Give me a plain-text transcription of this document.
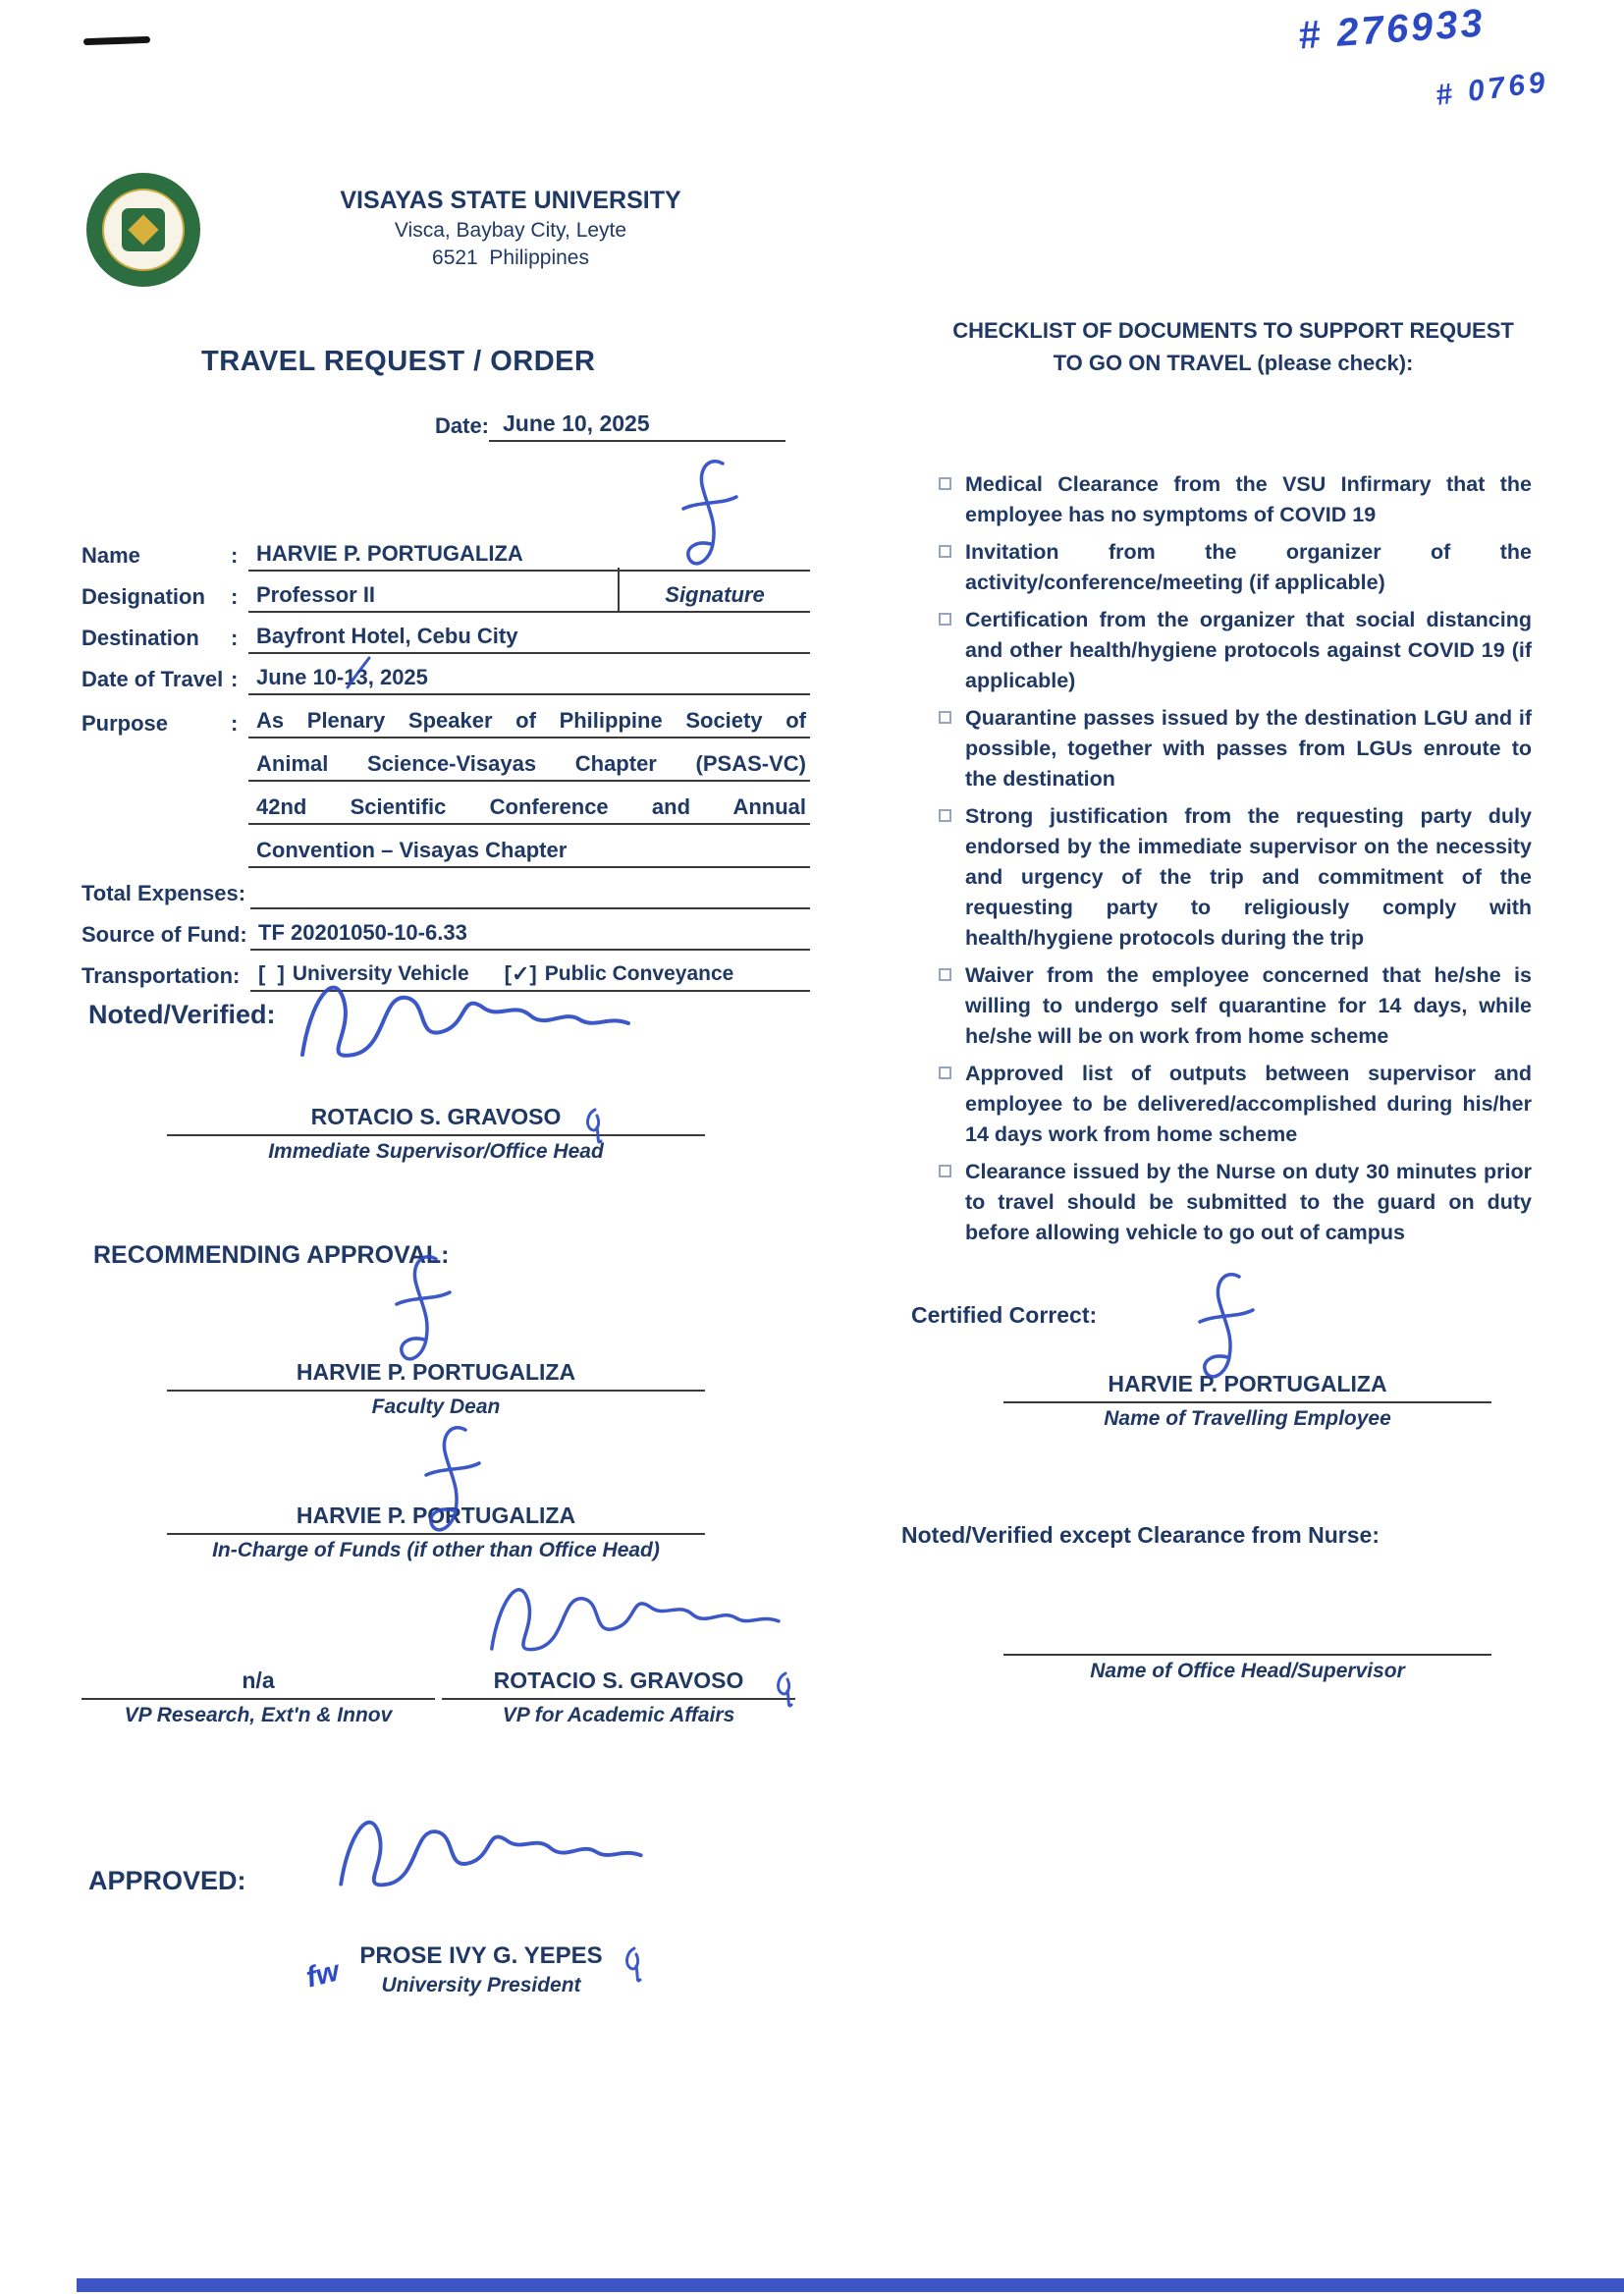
# 276933
# 0769
VISAYAS STATE UNIVERSITY
Visca, Baybay City, Leyte
6521  Philippines
TRAVEL REQUEST / ORDER
Date: June 10, 2025
Name	: HARVIE P. PORTUGALIZA
Designation	: Professor II	Signature
Destination	: Bayfront Hotel, Cebu City
Date of Travel : June 10-13, 2025
Purpose	: As Plenary Speaker of Philippine Society of
Animal Science-Visayas Chapter (PSAS-VC)
42nd Scientific Conference and Annual
Convention – Visayas Chapter
Total Expenses:
Source of Fund: TF 20201050-10-6.33
Transportation: [  ] University Vehicle [✓] Public Conveyance
Noted/Verified:
ROTACIO S. GRAVOSO
Immediate Supervisor/Office Head
RECOMMENDING APPROVAL:
HARVIE P. PORTUGALIZA
Faculty Dean
HARVIE P. PORTUGALIZA
In-Charge of Funds (if other than Office Head)
n/a
VP Research, Ext'n & Innov
ROTACIO S. GRAVOSO
VP for Academic Affairs
APPROVED:
PROSE IVY G. YEPES
University President
fw
CHECKLIST OF DOCUMENTS TO SUPPORT REQUEST
TO GO ON TRAVEL (please check):
Medical Clearance from the VSU Infirmary that the employee has no symptoms of COVID 19
Invitation from the organizer of the activity/conference/meeting (if applicable)
Certification from the organizer that social distancing and other health/hygiene protocols against COVID 19 (if applicable)
Quarantine passes issued by the destination LGU and if possible, together with passes from LGUs enroute to the destination
Strong justification from the requesting party duly endorsed by the immediate supervisor on the necessity and urgency of the trip and commitment of the requesting party to religiously comply with health/hygiene protocols during the trip
Waiver from the employee concerned that he/she is willing to undergo self quarantine for 14 days, while he/she will be on work from home scheme
Approved list of outputs between supervisor and employee to be delivered/accomplished during his/her 14 days work from home scheme
Clearance issued by the Nurse on duty 30 minutes prior to travel should be submitted to the guard on duty before allowing vehicle to go out of campus
Certified Correct:
HARVIE P. PORTUGALIZA
Name of Travelling Employee
Noted/Verified except Clearance from Nurse:
Name of Office Head/Supervisor
